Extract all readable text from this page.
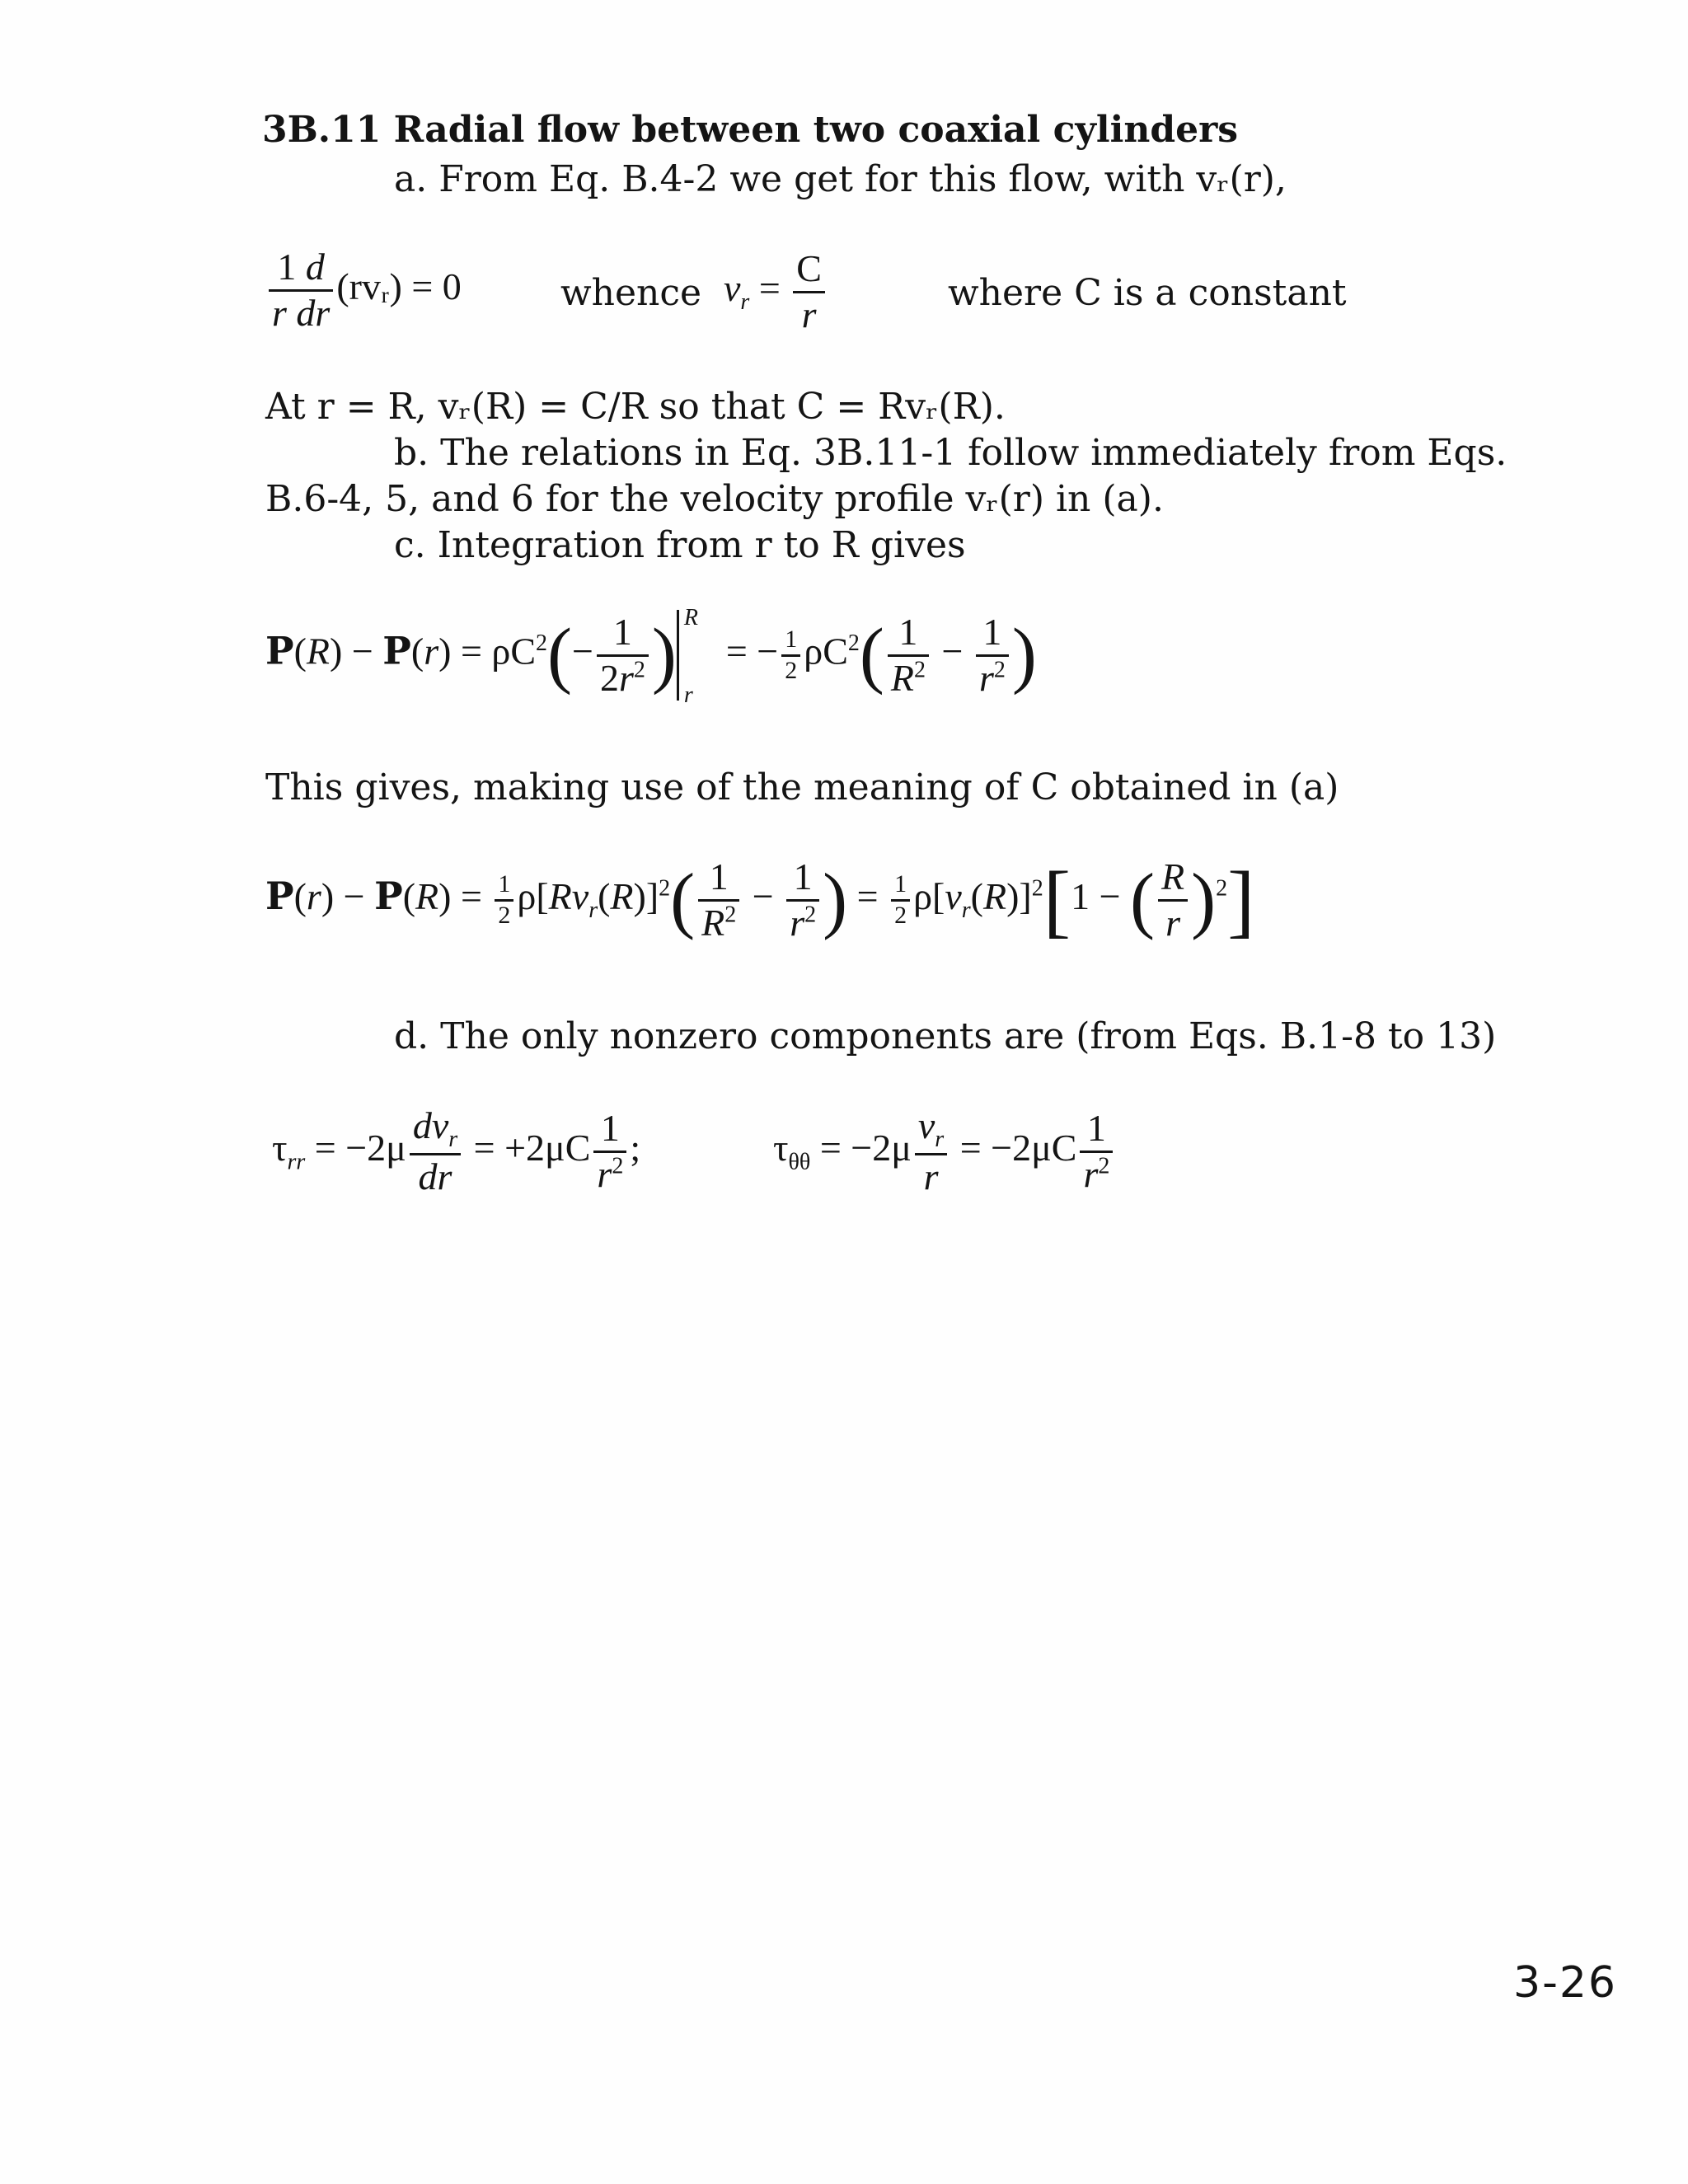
3B.11 Radial flow between two coaxial cylinders
a. From Eq. B.4-2 we get for this flow, with vᵣ(r),
$\frac{1 d}{\text{r dr}}$ (rvᵣ) = 0	whence $v_r = \frac{C}{r}$	where C is a constant
At r = R, vᵣ(R) = C/R so that C = Rvᵣ(R).
b. The relations in Eq. 3B.11-1 follow immediately from Eqs.
B.6-4, 5, and 6 for the velocity profile vᵣ(r) in (a).
c. Integration from r to R gives
$P(R) - P(r) = \rho C^2(- \frac{1}{2r^2}$ ) R
r
= − $\frac{1}{2} \rho C^2( \frac{1}{R^2} - \frac{1}{r^2}$ )
This gives, making use of the meaning of C obtained in (a)
$P(r) - P(R) = \frac{1}{2} \rho[Rv_r(R)]^2( \frac{1}{R^2} - \frac{1}{r^2}$ ) = $\frac{1}{2} \rho[v_r(R)]^2[1$ − ( $\frac{R}{r} )^2$]
d. The only nonzero components are (from Eqs. B.1-8 to 13)
$\tau_{rr} = -2\mu \frac{dv_r}{dr} = +2\mu C \frac{1}{r^2}$ ;	$\tau_{\theta\theta} = -2\mu \frac{v_r}{r} = -2\mu C \frac{1}{r^2}$
3-26
